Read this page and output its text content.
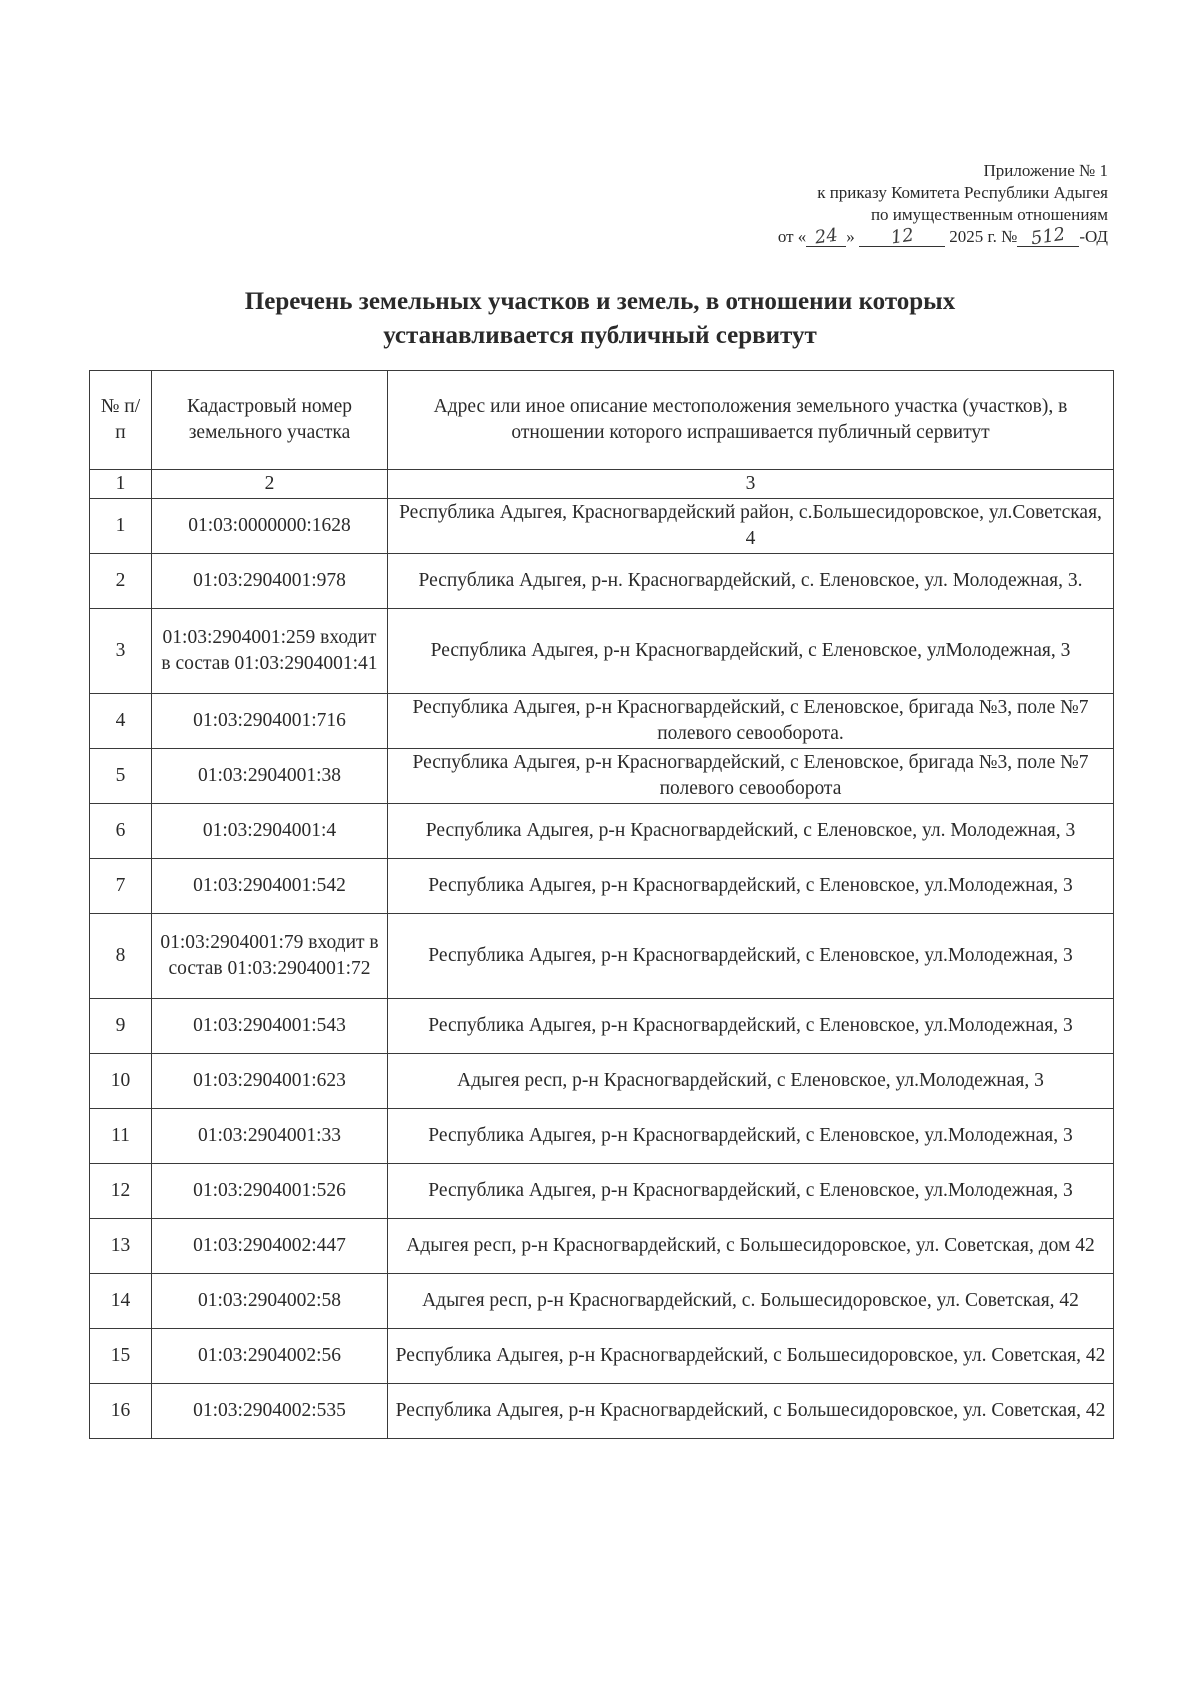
Приложение № 1
к приказу Комитета Республики Адыгея
по имущественным отношениям
от « 24 » 12 2025 г. № 512 -ОД
Перечень земельных участков и земель, в отношении которых
устанавливается публичный сервитут
№ п/п	Кадастровый номер земельного участка	Адрес или иное описание местоположения земельного участка (участков), в отношении которого испрашивается публичный сервитут
1	2	3
1	01:03:0000000:1628	Республика Адыгея, Красногвардейский район, с.Большесидоровское, ул.Советская, 4
2	01:03:2904001:978	Республика Адыгея, р-н. Красногвардейский, с. Еленовское, ул. Молодежная, 3.
3	01:03:2904001:259 входит в состав 01:03:2904001:41	Республика Адыгея, р-н Красногвардейский, с Еленовское, улМолодежная, 3
4	01:03:2904001:716	Республика Адыгея, р-н Красногвардейский, с Еленовское, бригада №3, поле №7 полевого севооборота.
5	01:03:2904001:38	Республика Адыгея, р-н Красногвардейский, с Еленовское, бригада №3, поле №7 полевого севооборота
6	01:03:2904001:4	Республика Адыгея, р-н Красногвардейский, с Еленовское, ул. Молодежная, 3
7	01:03:2904001:542	Республика Адыгея, р-н Красногвардейский, с Еленовское, ул.Молодежная, 3
8	01:03:2904001:79 входит в состав 01:03:2904001:72	Республика Адыгея, р-н Красногвардейский, с Еленовское, ул.Молодежная, 3
9	01:03:2904001:543	Республика Адыгея, р-н Красногвардейский, с Еленовское, ул.Молодежная, 3
10	01:03:2904001:623	Адыгея респ, р-н Красногвардейский, с Еленовское, ул.Молодежная, 3
11	01:03:2904001:33	Республика Адыгея, р-н Красногвардейский, с Еленовское, ул.Молодежная, 3
12	01:03:2904001:526	Республика Адыгея, р-н Красногвардейский, с Еленовское, ул.Молодежная, 3
13	01:03:2904002:447	Адыгея респ, р-н Красногвардейский, с Большесидоровское, ул. Советская, дом 42
14	01:03:2904002:58	Адыгея респ, р-н Красногвардейский, с. Большесидоровское, ул. Советская, 42
15	01:03:2904002:56	Республика Адыгея, р-н Красногвардейский, с Большесидоровское, ул. Советская, 42
16	01:03:2904002:535	Республика Адыгея, р-н Красногвардейский, с Большесидоровское, ул. Советская, 42
